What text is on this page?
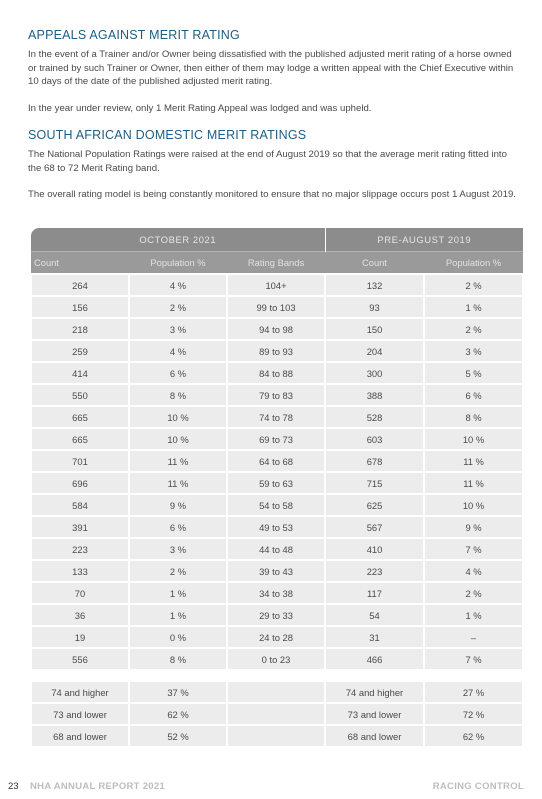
APPEALS AGAINST MERIT RATING

In the event of a Trainer and/or Owner being dissatisfied with the published adjusted merit rating of a horse owned or trained by such Trainer or Owner, then either of them may lodge a written appeal with the Chief Executive within 10 days of the date of the published adjusted merit rating.

In the year under review, only 1 Merit Rating Appeal was lodged and was upheld.

SOUTH AFRICAN DOMESTIC MERIT RATINGS

The National Population Ratings were raised at the end of August 2019 so that the average merit rating fitted into the 68 to 72 Merit Rating band.

The overall rating model is being constantly monitored to ensure that no major slippage occurs post 1 August 2019.

OCTOBER 2021			PRE-AUGUST 2019	
Count	Population %	Rating Bands	Count	Population %
264	4 %	104+	132	2 %
156	2 %	99 to 103	93	1 %
218	3 %	94 to 98	150	2 %
259	4 %	89 to 93	204	3 %
414	6 %	84 to 88	300	5 %
550	8 %	79 to 83	388	6 %
665	10 %	74 to 78	528	8 %
665	10 %	69 to 73	603	10 %
701	11 %	64 to 68	678	11 %
696	11 %	59 to 63	715	11 %
584	9 %	54 to 58	625	10 %
391	6 %	49 to 53	567	9 %
223	3 %	44 to 48	410	7 %
133	2 %	39 to 43	223	4 %
70	1 %	34 to 38	117	2 %
36	1 %	29 to 33	54	1 %
19	0 %	24 to 28	31	–
556	8 %	0 to 23	466	7 %
74 and higher	37 %		74 and higher	27 %
73 and lower	62 %		73 and lower	72 %
68 and lower	52 %		68 and lower	62 %
23 NHA ANNUAL REPORT 2021	RACING CONTROL
